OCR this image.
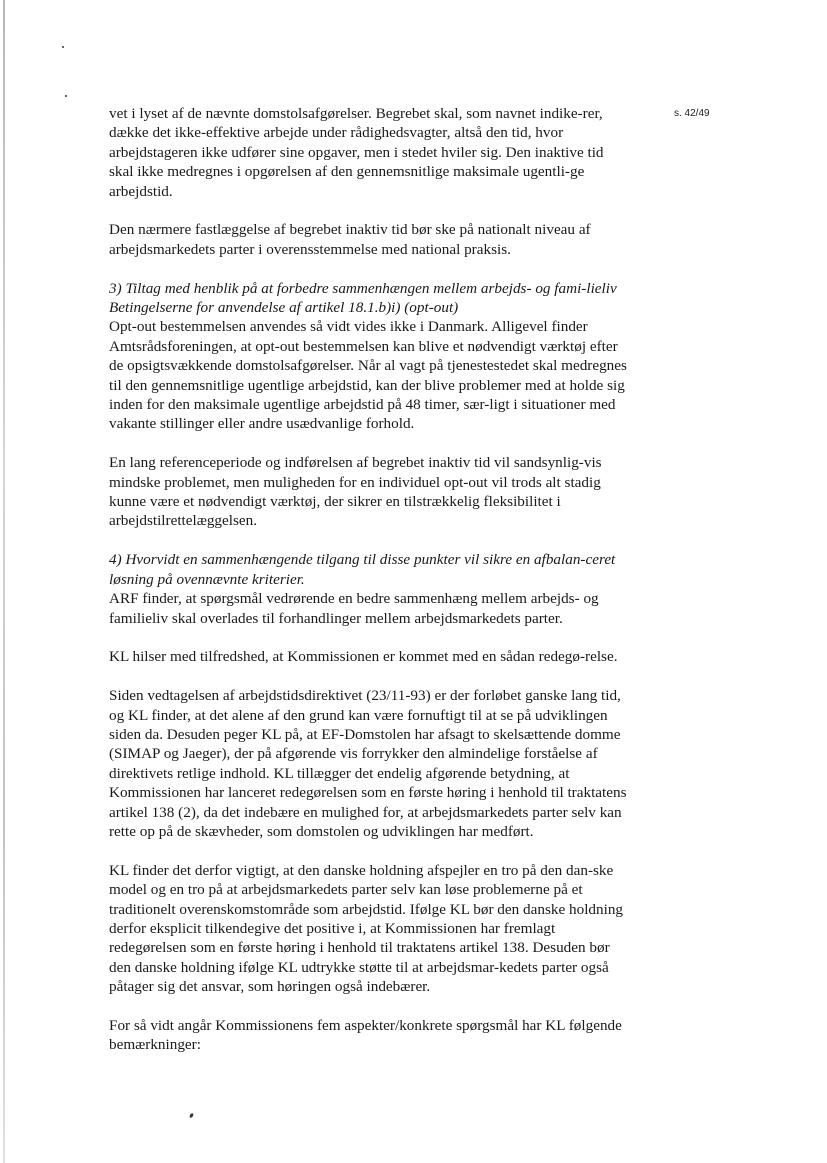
s. 42/49

vet i lyset af de nævnte domstolsafgørelser. Begrebet skal, som navnet indike-rer, dække det ikke-effektive arbejde under rådighedsvagter, altså den tid, hvor arbejdstageren ikke udfører sine opgaver, men i stedet hviler sig. Den inaktive tid skal ikke medregnes i opgørelsen af den gennemsnitlige maksimale ugentli-ge arbejdstid.

Den nærmere fastlæggelse af begrebet inaktiv tid bør ske på nationalt niveau af arbejdsmarkedets parter i overensstemmelse med national praksis.

3) Tiltag med henblik på at forbedre sammenhængen mellem arbejds- og fami-lieliv Betingelserne for anvendelse af artikel 18.1.b)i) (opt-out)
Opt-out bestemmelsen anvendes så vidt vides ikke i Danmark. Alligevel finder Amtsrådsforeningen, at opt-out bestemmelsen kan blive et nødvendigt værktøj efter de opsigtsvækkende domstolsafgørelser. Når al vagt på tjenestestedet skal medregnes til den gennemsnitlige ugentlige arbejdstid, kan der blive problemer med at holde sig inden for den maksimale ugentlige arbejdstid på 48 timer, sær-ligt i situationer med vakante stillinger eller andre usædvanlige forhold.

En lang referenceperiode og indførelsen af begrebet inaktiv tid vil sandsynlig-vis mindske problemet, men muligheden for en individuel opt-out vil trods alt stadig kunne være et nødvendigt værktøj, der sikrer en tilstrækkelig fleksibilitet i arbejdstilrettelæggelsen.

4) Hvorvidt en sammenhængende tilgang til disse punkter vil sikre en afbalan-ceret løsning på ovennævnte kriterier.
ARF finder, at spørgsmål vedrørende en bedre sammenhæng mellem arbejds- og familieliv skal overlades til forhandlinger mellem arbejdsmarkedets parter.

KL hilser med tilfredshed, at Kommissionen er kommet med en sådan redegø-relse.

Siden vedtagelsen af arbejdstidsdirektivet (23/11-93) er der forløbet ganske lang tid, og KL finder, at det alene af den grund kan være fornuftigt til at se på udviklingen siden da. Desuden peger KL på, at EF-Domstolen har afsagt to skelsættende domme (SIMAP og Jaeger), der på afgørende vis forrykker den almindelige forståelse af direktivets retlige indhold. KL tillægger det endelig afgørende betydning, at Kommissionen har lanceret redegørelsen som en første høring i henhold til traktatens artikel 138 (2), da det indebære en mulighed for, at arbejdsmarkedets parter selv kan rette op på de skævheder, som domstolen og udviklingen har medført.

KL finder det derfor vigtigt, at den danske holdning afspejler en tro på den dan-ske model og en tro på at arbejdsmarkedets parter selv kan løse problemerne på et traditionelt overenskomstområde som arbejdstid. Ifølge KL bør den danske holdning derfor eksplicit tilkendegive det positive i, at Kommissionen har fremlagt redegørelsen som en første høring i henhold til traktatens artikel 138. Desuden bør den danske holdning ifølge KL udtrykke støtte til at arbejdsmar-kedets parter også påtager sig det ansvar, som høringen også indebærer.

For så vidt angår Kommissionens fem aspekter/konkrete spørgsmål har KL følgende bemærkninger:
